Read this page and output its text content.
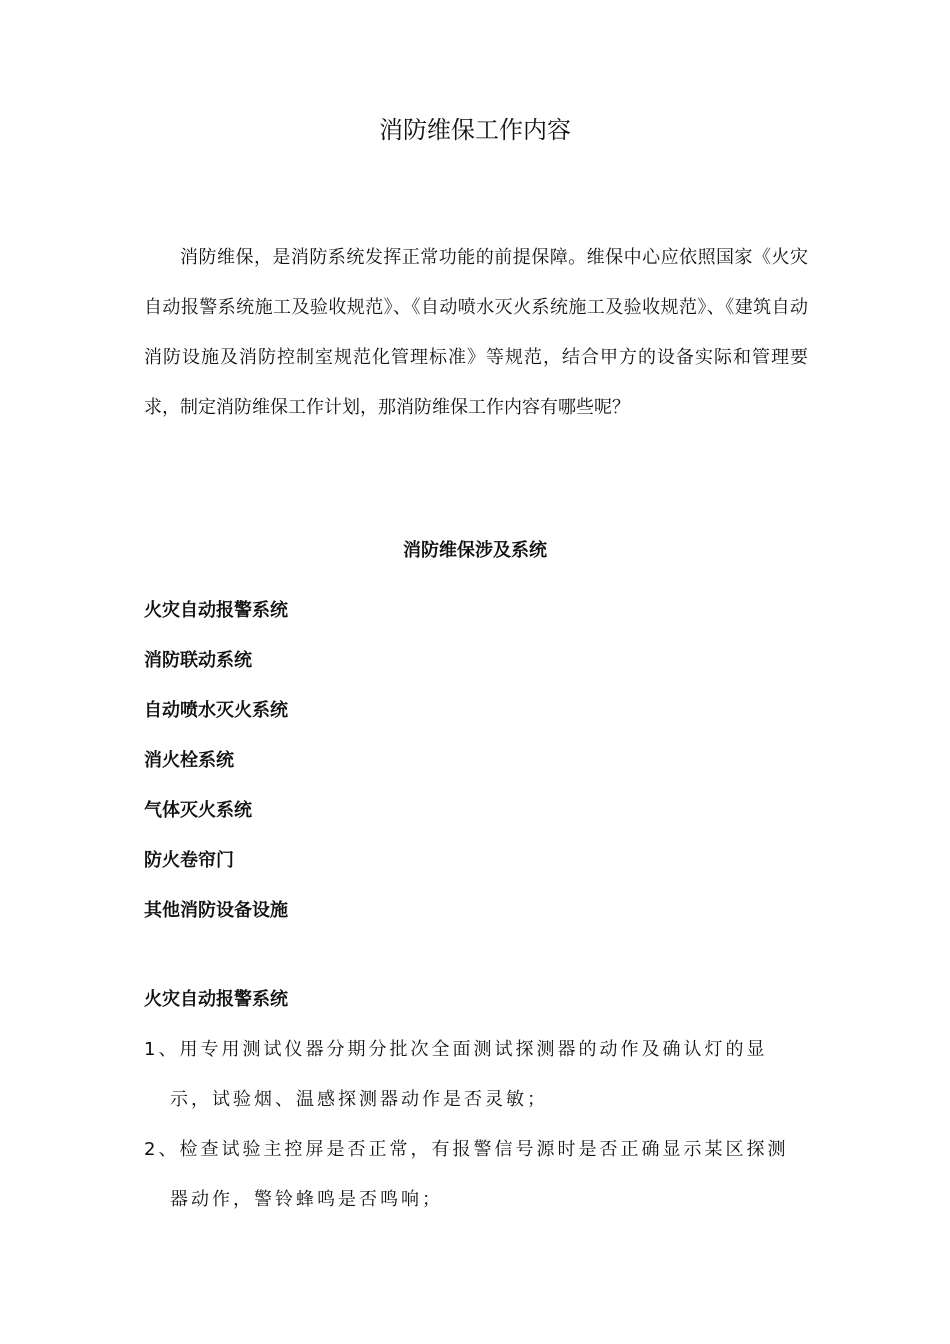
消防维保工作内容

消防维保，是消防系统发挥正常功能的前提保障。维保中心应依照国家《火灾自动报警系统施工及验收规范》、《自动喷水灭火系统施工及验收规范》、《建筑自动消防设施及消防控制室规范化管理标准》等规范，结合甲方的设备实际和管理要求，制定消防维保工作计划，那消防维保工作内容有哪些呢？

消防维保涉及系统
火灾自动报警系统
消防联动系统
自动喷水灭火系统
消火栓系统
气体灭火系统
防火卷帘门
其他消防设备设施
火灾自动报警系统
1、用专用测试仪器分期分批次全面测试探测器的动作及确认灯的显示，试验烟、温感探测器动作是否灵敏；
2、检查试验主控屏是否正常，有报警信号源时是否正确显示某区探测器动作，警铃蜂鸣是否鸣响；
